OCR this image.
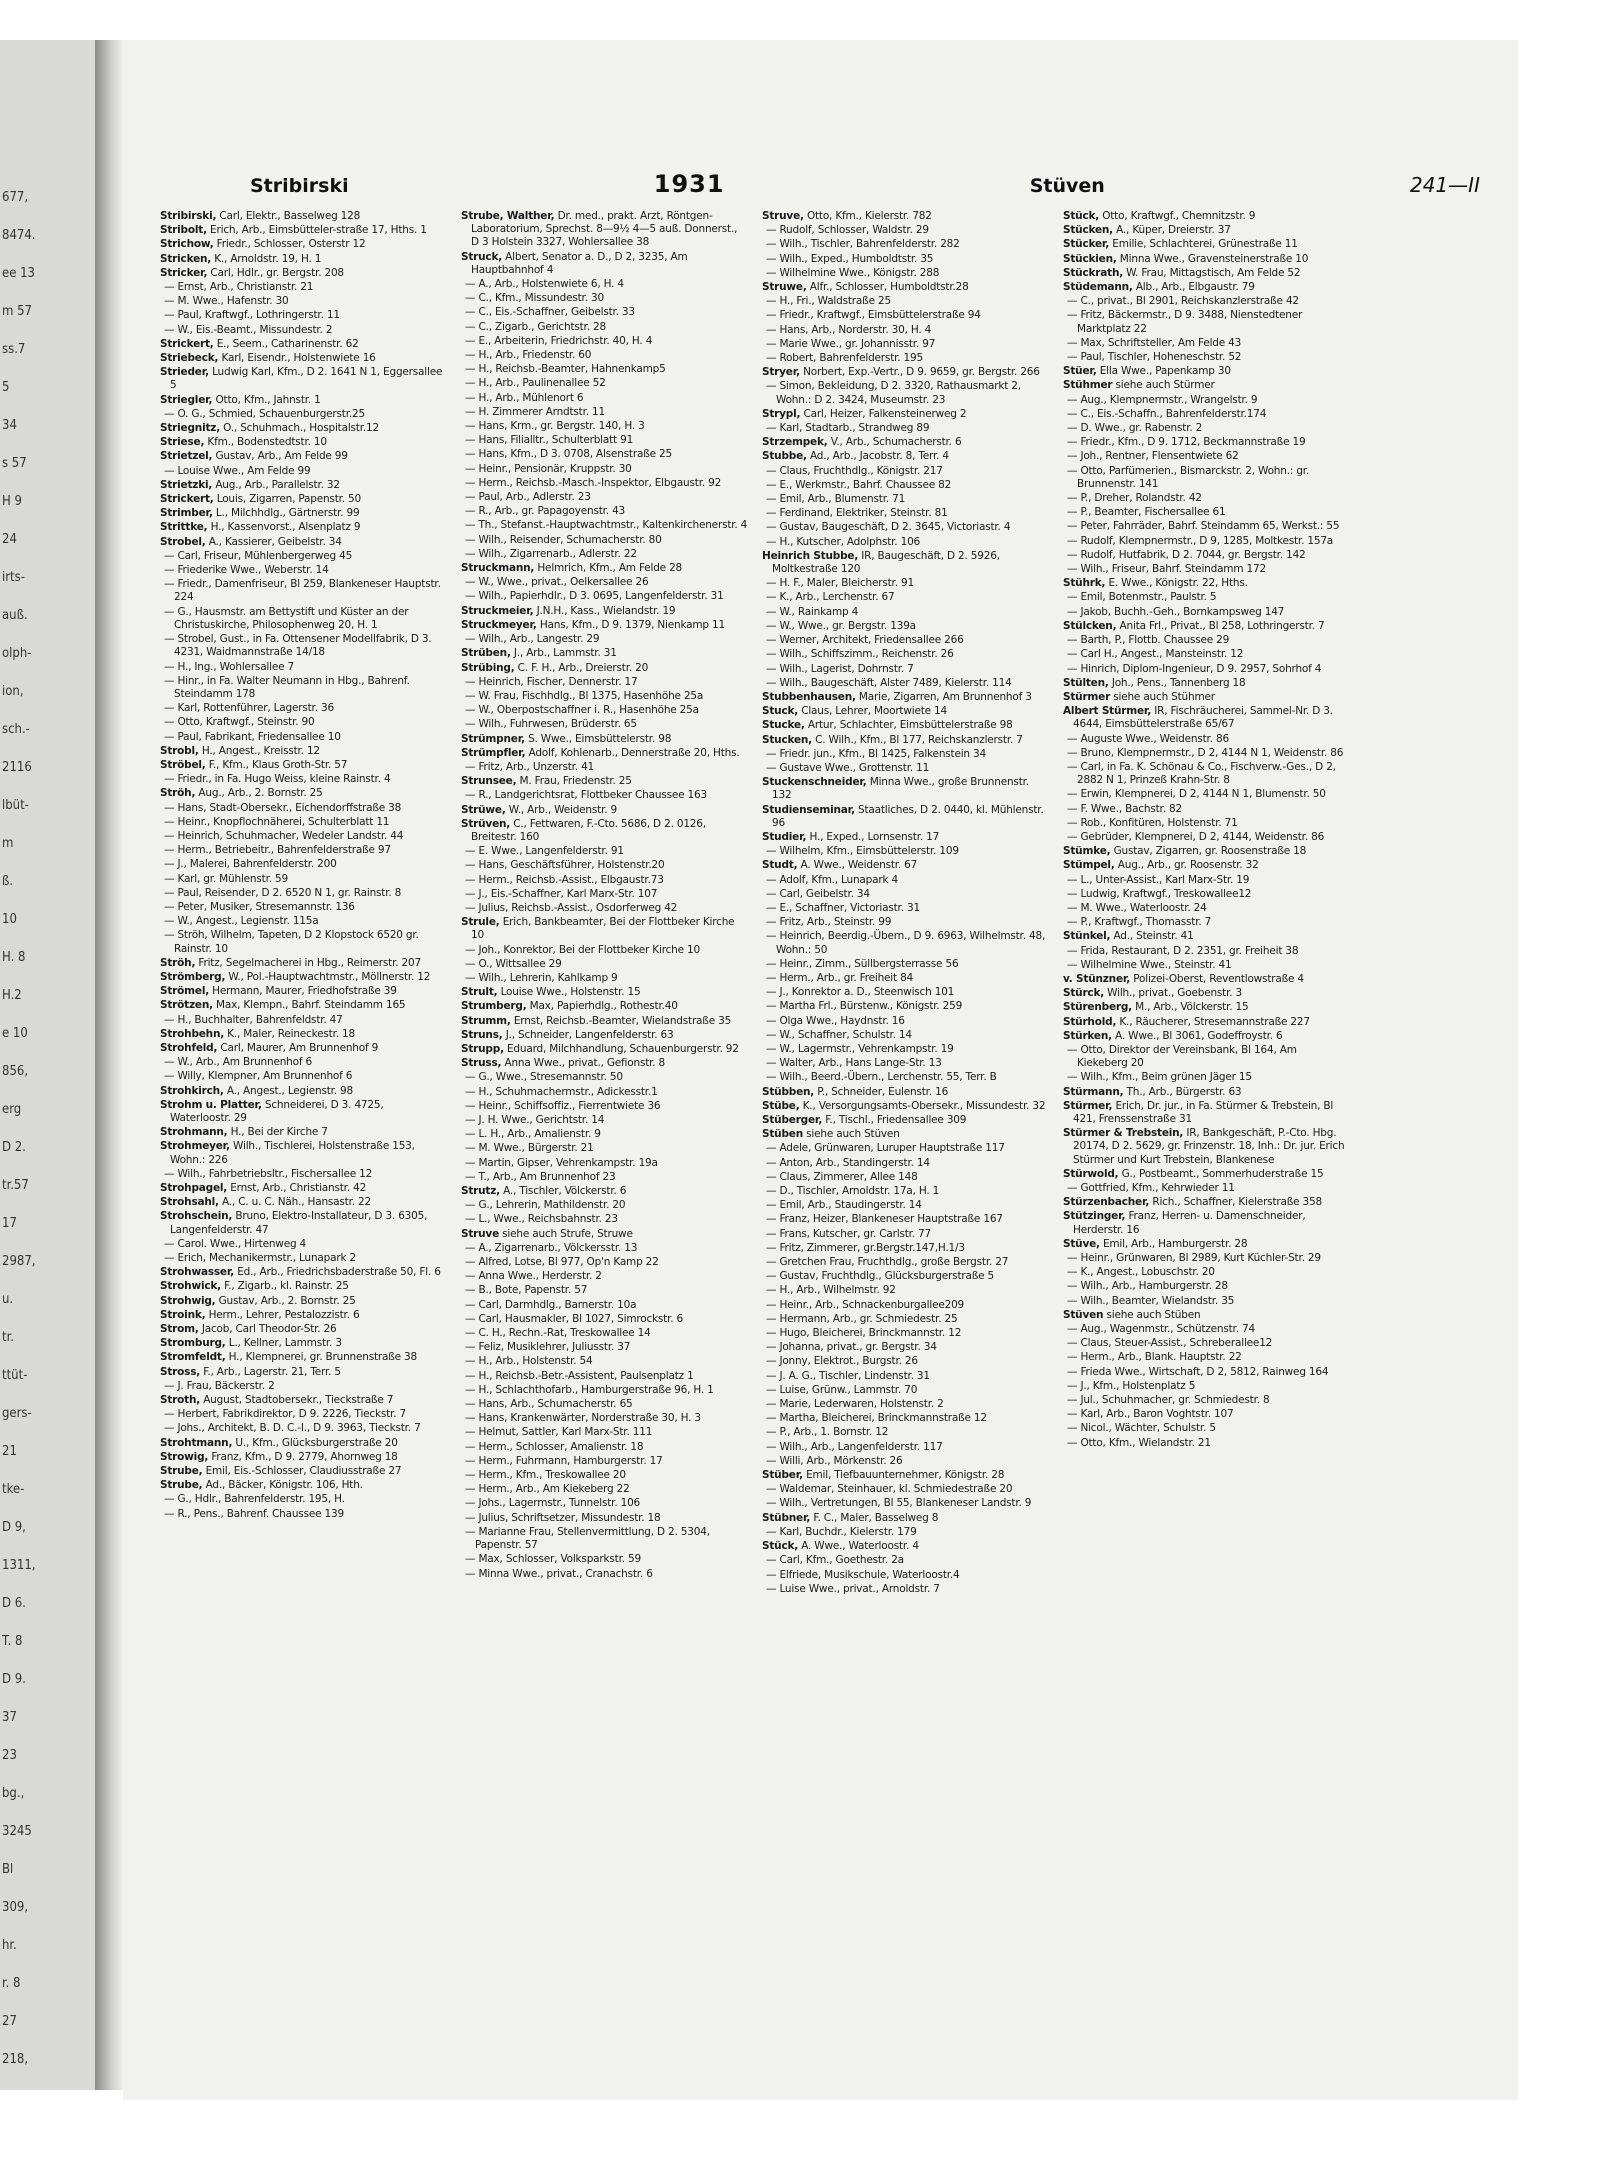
677,
8474.
ee 13
m 57
ss.7
5
34
s 57
H 9
24
irts-
auß.
olph-
ion,
sch.-
2116
lbüt-
m
ß.
10
H. 8
H.2
e 10
856,
erg
D 2.
tr.57
17
2987,
u.
tr.
ttüt-
gers-
21
tke-
D 9,
1311,
D 6.
T. 8
D 9.
37
23
bg.,
3245
Bl
309,
hr.
r. 8
27
218,
Stribirski	1931	Stüven	241—II
Stribirski, Carl, Elektr., Basselweg 128
Stribolt, Erich, Arb., Eimsbütteler-straße 17, Hths. 1
Strichow, Friedr., Schlosser, Osterstr 12
Stricken, K., Arnoldstr. 19, H. 1
Stricker, Carl, Hdlr., gr. Bergstr. 208
— Ernst, Arb., Christianstr. 21
— M. Wwe., Hafenstr. 30
— Paul, Kraftwgf., Lothringerstr. 11
— W., Eis.-Beamt., Missundestr. 2
Strickert, E., Seem., Catharinenstr. 62
Striebeck, Karl, Eisendr., Holstenwiete 16
Strieder, Ludwig Karl, Kfm., D 2. 1641 N 1, Eggersallee 5
Striegler, Otto, Kfm., Jahnstr. 1
— O. G., Schmied, Schauenburgerstr.25
Striegnitz, O., Schuhmach., Hospitalstr.12
Striese, Kfm., Bodenstedtstr. 10
Strietzel, Gustav, Arb., Am Felde 99
— Louise Wwe., Am Felde 99
Strietzki, Aug., Arb., Parallelstr. 32
Strickert, Louis, Zigarren, Papenstr. 50
Strimber, L., Milchhdlg., Gärtnerstr. 99
Strittke, H., Kassenvorst., Alsenplatz 9
Strobel, A., Kassierer, Geibelstr. 34
— Carl, Friseur, Mühlenbergerweg 45
— Friederike Wwe., Weberstr. 14
— Friedr., Damenfriseur, Bl 259, Blankeneser Hauptstr. 224
— G., Hausmstr. am Bettystift und Küster an der Christuskirche, Philosophenweg 20, H. 1
— Strobel, Gust., in Fa. Ottensener Modellfabrik, D 3. 4231, Waidmannstraße 14/18
— H., Ing., Wohlersallee 7
— Hinr., in Fa. Walter Neumann in Hbg., Bahrenf. Steindamm 178
— Karl, Rottenführer, Lagerstr. 36
— Otto, Kraftwgf., Steinstr. 90
— Paul, Fabrikant, Friedensallee 10
Strobl, H., Angest., Kreisstr. 12
Ströbel, F., Kfm., Klaus Groth-Str. 57
— Friedr., in Fa. Hugo Weiss, kleine Rainstr. 4
Ströh, Aug., Arb., 2. Bornstr. 25
— Hans, Stadt-Obersekr., Eichendorffstraße 38
— Heinr., Knopflochnäherei, Schulterblatt 11
— Heinrich, Schuhmacher, Wedeler Landstr. 44
— Herm., Betriebeitr., Bahrenfelderstraße 97
— J., Malerei, Bahrenfelderstr. 200
— Karl, gr. Mühlenstr. 59
— Paul, Reisender, D 2. 6520 N 1, gr. Rainstr. 8
— Peter, Musiker, Stresemannstr. 136
— W., Angest., Legienstr. 115a
— Ströh, Wilhelm, Tapeten, D 2 Klopstock 6520 gr. Rainstr. 10
Ströh, Fritz, Segelmacherei in Hbg., Reimerstr. 207
Strömberg, W., Pol.-Hauptwachtmstr., Möllnerstr. 12
Strömel, Hermann, Maurer, Friedhofstraße 39
Strötzen, Max, Klempn., Bahrf. Steindamm 165
— H., Buchhalter, Bahrenfeldstr. 47
Strohbehn, K., Maler, Reineckestr. 18
Strohfeld, Carl, Maurer, Am Brunnenhof 9
— W., Arb., Am Brunnenhof 6
— Willy, Klempner, Am Brunnenhof 6
Strohkirch, A., Angest., Legienstr. 98
Strohm u. Platter, Schneiderei, D 3. 4725, Waterloostr. 29
Strohmann, H., Bei der Kirche 7
Strohmeyer, Wilh., Tischlerei, Holstenstraße 153, Wohn.: 226
— Wilh., Fahrbetriebsltr., Fischersallee 12
Strohpagel, Ernst, Arb., Christianstr. 42
Strohsahl, A., C. u. C. Näh., Hansastr. 22
Strohschein, Bruno, Elektro-Installateur, D 3. 6305, Langenfelderstr. 47
— Carol. Wwe., Hirtenweg 4
— Erich, Mechanikermstr., Lunapark 2
Strohwasser, Ed., Arb., Friedrichsbaderstraße 50, Fl. 6
Strohwick, F., Zigarb., kl. Rainstr. 25
Strohwig, Gustav, Arb., 2. Bornstr. 25
Stroink, Herm., Lehrer, Pestalozzistr. 6
Strom, Jacob, Carl Theodor-Str. 26
Stromburg, L., Kellner, Lammstr. 3
Stromfeldt, H., Klempnerei, gr. Brunnenstraße 38
Stross, F., Arb., Lagerstr. 21, Terr. 5
— J. Frau, Bäckerstr. 2
Stroth, August, Stadtobersekr., Tieckstraße 7
— Herbert, Fabrikdirektor, D 9. 2226, Tieckstr. 7
— Johs., Architekt, B. D. C.-I., D 9. 3963, Tieckstr. 7
Strohtmann, U., Kfm., Glücksburgerstraße 20
Strowig, Franz, Kfm., D 9. 2779, Ahornweg 18
Strube, Emil, Eis.-Schlosser, Claudiusstraße 27
Strube, Ad., Bäcker, Königstr. 106, Hth.
— G., Hdlr., Bahrenfelderstr. 195, H.
— R., Pens., Bahrenf. Chaussee 139
Strube, Walther, Dr. med., prakt. Arzt, Röntgen-Laboratorium, Sprechst. 8—9½ 4—5 auß. Donnerst., D 3 Holstein 3327, Wohlersallee 38
Struck, Albert, Senator a. D., D 2, 3235, Am Hauptbahnhof 4
— A., Arb., Holstenwiete 6, H. 4
— C., Kfm., Missundestr. 30
— C., Eis.-Schaffner, Geibelstr. 33
— C., Zigarb., Gerichtstr. 28
— E., Arbeiterin, Friedrichstr. 40, H. 4
— H., Arb., Friedenstr. 60
— H., Reichsb.-Beamter, Hahnenkamp5
— H., Arb., Paulinenallee 52
— H., Arb., Mühlenort 6
— H. Zimmerer Arndtstr. 11
— Hans, Krm., gr. Bergstr. 140, H. 3
— Hans, Filialltr., Schulterblatt 91
— Hans, Kfm., D 3. 0708, Alsenstraße 25
— Heinr., Pensionär, Kruppstr. 30
— Herm., Reichsb.-Masch.-Inspektor, Elbgaustr. 92
— Paul, Arb., Adlerstr. 23
— R., Arb., gr. Papagoyenstr. 43
— Th., Stefanst.-Hauptwachtmstr., Kaltenkirchenerstr. 4
— Wilh., Reisender, Schumacherstr. 80
— Wilh., Zigarrenarb., Adlerstr. 22
Struckmann, Helmrich, Kfm., Am Felde 28
— W., Wwe., privat., Oelkersallee 26
— Wilh., Papierhdlr., D 3. 0695, Langenfelderstr. 31
Struckmeier, J.N.H., Kass., Wielandstr. 19
Struckmeyer, Hans, Kfm., D 9. 1379, Nienkamp 11
— Wilh., Arb., Langestr. 29
Strüben, J., Arb., Lammstr. 31
Strübing, C. F. H., Arb., Dreierstr. 20
— Heinrich, Fischer, Dennerstr. 17
— W. Frau, Fischhdlg., Bl 1375, Hasenhöhe 25a
— W., Oberpostschaffner i. R., Hasenhöhe 25a
— Wilh., Fuhrwesen, Brüderstr. 65
Strümpner, S. Wwe., Eimsbüttelerstr. 98
Strümpfler, Adolf, Kohlenarb., Dennerstraße 20, Hths.
— Fritz, Arb., Unzerstr. 41
Strunsee, M. Frau, Friedenstr. 25
— R., Landgerichtsrat, Flottbeker Chaussee 163
Strüwe, W., Arb., Weidenstr. 9
Strüven, C., Fettwaren, F.-Cto. 5686, D 2. 0126, Breitestr. 160
— E. Wwe., Langenfelderstr. 91
— Hans, Geschäftsführer, Holstenstr.20
— Herm., Reichsb.-Assist., Elbgaustr.73
— J., Eis.-Schaffner, Karl Marx-Str. 107
— Julius, Reichsb.-Assist., Osdorferweg 42
Strule, Erich, Bankbeamter, Bei der Flottbeker Kirche 10
— Joh., Konrektor, Bei der Flottbeker Kirche 10
— O., Wittsallee 29
— Wilh., Lehrerin, Kahlkamp 9
Strult, Louise Wwe., Holstenstr. 15
Strumberg, Max, Papierhdlg., Rothestr.40
Strumm, Ernst, Reichsb.-Beamter, Wielandstraße 35
Struns, J., Schneider, Langenfelderstr. 63
Strupp, Eduard, Milchhandlung, Schauenburgerstr. 92
Struss, Anna Wwe., privat., Gefionstr. 8
— G., Wwe., Stresemannstr. 50
— H., Schuhmachermstr., Adickesstr.1
— Heinr., Schiffsoffiz., Fierrentwiete 36
— J. H. Wwe., Gerichtstr. 14
— L. H., Arb., Amalienstr. 9
— M. Wwe., Bürgerstr. 21
— Martin, Gipser, Vehrenkampstr. 19a
— T., Arb., Am Brunnenhof 23
Strutz, A., Tischler, Völckerstr. 6
— G., Lehrerin, Mathildenstr. 20
— L., Wwe., Reichsbahnstr. 23
Struve siehe auch Strufe, Struwe
— A., Zigarrenarb., Völckersstr. 13
— Alfred, Lotse, Bl 977, Op'n Kamp 22
— Anna Wwe., Herderstr. 2
— B., Bote, Papenstr. 57
— Carl, Darmhdlg., Barnerstr. 10a
— Carl, Hausmakler, Bl 1027, Simrockstr. 6
— C. H., Rechn.-Rat, Treskowallee 14
— Feliz, Musiklehrer, Juliusstr. 37
— H., Arb., Holstenstr. 54
— H., Reichsb.-Betr.-Assistent, Paulsenplatz 1
— H., Schlachthofarb., Hamburgerstraße 96, H. 1
— Hans, Arb., Schumacherstr. 65
— Hans, Krankenwärter, Norderstraße 30, H. 3
— Helmut, Sattler, Karl Marx-Str. 111
— Herm., Schlosser, Amalienstr. 18
— Herm., Fuhrmann, Hamburgerstr. 17
— Herm., Kfm., Treskowallee 20
— Herm., Arb., Am Kiekeberg 22
— Johs., Lagermstr., Tunnelstr. 106
— Julius, Schriftsetzer, Missundestr. 18
— Marianne Frau, Stellenvermittlung, D 2. 5304, Papenstr. 57
— Max, Schlosser, Volksparkstr. 59
— Minna Wwe., privat., Cranachstr. 6
Struve, Otto, Kfm., Kielerstr. 782
— Rudolf, Schlosser, Waldstr. 29
— Wilh., Tischler, Bahrenfelderstr. 282
— Wilh., Exped., Humboldtstr. 35
— Wilhelmine Wwe., Königstr. 288
Struwe, Alfr., Schlosser, Humboldtstr.28
— H., Fri., Waldstraße 25
— Friedr., Kraftwgf., Eimsbüttelerstraße 94
— Hans, Arb., Norderstr. 30, H. 4
— Marie Wwe., gr. Johannisstr. 97
— Robert, Bahrenfelderstr. 195
Stryer, Norbert, Exp.-Vertr., D 9. 9659, gr. Bergstr. 266
— Simon, Bekleidung, D 2. 3320, Rathausmarkt 2, Wohn.: D 2. 3424, Museumstr. 23
Strypl, Carl, Heizer, Falkensteinerweg 2
— Karl, Stadtarb., Strandweg 89
Strzempek, V., Arb., Schumacherstr. 6
Stubbe, Ad., Arb., Jacobstr. 8, Terr. 4
— Claus, Fruchthdlg., Königstr. 217
— E., Werkmstr., Bahrf. Chaussee 82
— Emil, Arb., Blumenstr. 71
— Ferdinand, Elektriker, Steinstr. 81
— Gustav, Baugeschäft, D 2. 3645, Victoriastr. 4
— H., Kutscher, Adolphstr. 106
Heinrich Stubbe, IR, Baugeschäft, D 2. 5926, Moltkestraße 120
— H. F., Maler, Bleicherstr. 91
— K., Arb., Lerchenstr. 67
— W., Rainkamp 4
— W., Wwe., gr. Bergstr. 139a
— Werner, Architekt, Friedensallee 266
— Wilh., Schiffszimm., Reichenstr. 26
— Wilh., Lagerist, Dohrnstr. 7
— Wilh., Baugeschäft, Alster 7489, Kielerstr. 114
Stubbenhausen, Marie, Zigarren, Am Brunnenhof 3
Stuck, Claus, Lehrer, Moortwiete 14
Stucke, Artur, Schlachter, Eimsbüttelerstraße 98
Stucken, C. Wilh., Kfm., Bl 177, Reichskanzlerstr. 7
— Friedr. jun., Kfm., Bl 1425, Falkenstein 34
— Gustave Wwe., Grottenstr. 11
Stuckenschneider, Minna Wwe., große Brunnenstr. 132
Studienseminar, Staatliches, D 2. 0440, kl. Mühlenstr. 96
Studier, H., Exped., Lornsenstr. 17
— Wilhelm, Kfm., Eimsbüttelerstr. 109
Studt, A. Wwe., Weidenstr. 67
— Adolf, Kfm., Lunapark 4
— Carl, Geibelstr. 34
— E., Schaffner, Victoriastr. 31
— Fritz, Arb., Steinstr. 99
— Heinrich, Beerdig.-Übern., D 9. 6963, Wilhelmstr. 48, Wohn.: 50
— Heinr., Zimm., Süllbergsterrasse 56
— Herm., Arb., gr. Freiheit 84
— J., Konrektor a. D., Steenwisch 101
— Martha Frl., Bürstenw., Königstr. 259
— Olga Wwe., Haydnstr. 16
— W., Schaffner, Schulstr. 14
— W., Lagermstr., Vehrenkampstr. 19
— Walter, Arb., Hans Lange-Str. 13
— Wilh., Beerd.-Übern., Lerchenstr. 55, Terr. B
Stübben, P., Schneider, Eulenstr. 16
Stübe, K., Versorgungsamts-Obersekr., Missundestr. 32
Stüberger, F., Tischl., Friedensallee 309
Stüben siehe auch Stüven
— Adele, Grünwaren, Luruper Hauptstraße 117
— Anton, Arb., Standingerstr. 14
— Claus, Zimmerer, Allee 148
— D., Tischler, Arnoldstr. 17a, H. 1
— Emil, Arb., Staudingerstr. 14
— Franz, Heizer, Blankeneser Hauptstraße 167
— Frans, Kutscher, gr. Carlstr. 77
— Fritz, Zimmerer, gr.Bergstr.147,H.1/3
— Gretchen Frau, Fruchthdlg., große Bergstr. 27
— Gustav, Fruchthdlg., Glücksburgerstraße 5
— H., Arb., Wilhelmstr. 92
— Heinr., Arb., Schnackenburgallee209
— Hermann, Arb., gr. Schmiedestr. 25
— Hugo, Bleicherei, Brinckmannstr. 12
— Johanna, privat., gr. Bergstr. 34
— Jonny, Elektrot., Burgstr. 26
— J. A. G., Tischler, Lindenstr. 31
— Luise, Grünw., Lammstr. 70
— Marie, Lederwaren, Holstenstr. 2
— Martha, Bleicherei, Brinckmannstraße 12
— P., Arb., 1. Bornstr. 12
— Wilh., Arb., Langenfelderstr. 117
— Willi, Arb., Mörkenstr. 26
Stüber, Emil, Tiefbauunternehmer, Königstr. 28
— Waldemar, Steinhauer, kl. Schmiedestraße 20
— Wilh., Vertretungen, Bl 55, Blankeneser Landstr. 9
Stübner, F. C., Maler, Basselweg 8
— Karl, Buchdr., Kielerstr. 179
Stück, A. Wwe., Waterloostr. 4
— Carl, Kfm., Goethestr. 2a
— Elfriede, Musikschule, Waterloostr.4
— Luise Wwe., privat., Arnoldstr. 7
Stück, Otto, Kraftwgf., Chemnitzstr. 9
Stücken, A., Küper, Dreierstr. 37
Stücker, Emilie, Schlachterei, Grünestraße 11
Stückien, Minna Wwe., Gravensteinerstraße 10
Stückrath, W. Frau, Mittagstisch, Am Felde 52
Stüdemann, Alb., Arb., Elbgaustr. 79
— C., privat., Bl 2901, Reichskanzlerstraße 42
— Fritz, Bäckermstr., D 9. 3488, Nienstedtener Marktplatz 22
— Max, Schriftsteller, Am Felde 43
— Paul, Tischler, Hoheneschstr. 52
Stüer, Ella Wwe., Papenkamp 30
Stühmer siehe auch Stürmer
— Aug., Klempnermstr., Wrangelstr. 9
— C., Eis.-Schaffn., Bahrenfelderstr.174
— D. Wwe., gr. Rabenstr. 2
— Friedr., Kfm., D 9. 1712, Beckmannstraße 19
— Joh., Rentner, Flensentwiete 62
— Otto, Parfümerien., Bismarckstr. 2, Wohn.: gr. Brunnenstr. 141
— P., Dreher, Rolandstr. 42
— P., Beamter, Fischersallee 61
— Peter, Fahrräder, Bahrf. Steindamm 65, Werkst.: 55
— Rudolf, Klempnermstr., D 9, 1285, Moltkestr. 157a
— Rudolf, Hutfabrik, D 2. 7044, gr. Bergstr. 142
— Wilh., Friseur, Bahrf. Steindamm 172
Stührk, E. Wwe., Königstr. 22, Hths.
— Emil, Botenmstr., Paulstr. 5
— Jakob, Buchh.-Geh., Bornkampsweg 147
Stülcken, Anita Frl., Privat., Bl 258, Lothringerstr. 7
— Barth, P., Flottb. Chaussee 29
— Carl H., Angest., Mansteinstr. 12
— Hinrich, Diplom-Ingenieur, D 9. 2957, Sohrhof 4
Stülten, Joh., Pens., Tannenberg 18
Stürmer siehe auch Stühmer
Albert Stürmer, IR, Fischräucherei, Sammel-Nr. D 3. 4644, Eimsbüttelerstraße 65/67
— Auguste Wwe., Weidenstr. 86
— Bruno, Klempnermstr., D 2, 4144 N 1, Weidenstr. 86
— Carl, in Fa. K. Schönau & Co., Fischverw.-Ges., D 2, 2882 N 1, Prinzeß Krahn-Str. 8
— Erwin, Klempnerei, D 2, 4144 N 1, Blumenstr. 50
— F. Wwe., Bachstr. 82
— Rob., Konfitüren, Holstenstr. 71
— Gebrüder, Klempnerei, D 2, 4144, Weidenstr. 86
Stümke, Gustav, Zigarren, gr. Roosenstraße 18
Stümpel, Aug., Arb., gr. Roosenstr. 32
— L., Unter-Assist., Karl Marx-Str. 19
— Ludwig, Kraftwgf., Treskowallee12
— M. Wwe., Waterloostr. 24
— P., Kraftwgf., Thomasstr. 7
Stünkel, Ad., Steinstr. 41
— Frida, Restaurant, D 2. 2351, gr. Freiheit 38
— Wilhelmine Wwe., Steinstr. 41
v. Stünzner, Polizei-Oberst, Reventlowstraße 4
Stürck, Wilh., privat., Goebenstr. 3
Stürenberg, M., Arb., Völckerstr. 15
Stürhold, K., Räucherer, Stresemannstraße 227
Stürken, A. Wwe., Bl 3061, Godeffroystr. 6
— Otto, Direktor der Vereinsbank, Bl 164, Am Kiekeberg 20
— Wilh., Kfm., Beim grünen Jäger 15
Stürmann, Th., Arb., Bürgerstr. 63
Stürmer, Erich, Dr. jur., in Fa. Stürmer & Trebstein, Bl 421, Frenssenstraße 31
Stürmer & Trebstein, IR, Bankgeschäft, P.-Cto. Hbg. 20174, D 2. 5629, gr. Frinzenstr. 18, Inh.: Dr. jur. Erich Stürmer und Kurt Trebstein, Blankenese
Stürwold, G., Postbeamt., Sommerhuderstraße 15
— Gottfried, Kfm., Kehrwieder 11
Stürzenbacher, Rich., Schaffner, Kielerstraße 358
Stützinger, Franz, Herren- u. Damenschneider, Herderstr. 16
Stüve, Emil, Arb., Hamburgerstr. 28
— Heinr., Grünwaren, Bl 2989, Kurt Küchler-Str. 29
— K., Angest., Lobuschstr. 20
— Wilh., Arb., Hamburgerstr. 28
— Wilh., Beamter, Wielandstr. 35
Stüven siehe auch Stüben
— Aug., Wagenmstr., Schützenstr. 74
— Claus, Steuer-Assist., Schreberallee12
— Herm., Arb., Blank. Hauptstr. 22
— Frieda Wwe., Wirtschaft, D 2, 5812, Rainweg 164
— J., Kfm., Holstenplatz 5
— Jul., Schuhmacher, gr. Schmiedestr. 8
— Karl, Arb., Baron Voghtstr. 107
— Nicol., Wächter, Schulstr. 5
— Otto, Kfm., Wielandstr. 21
